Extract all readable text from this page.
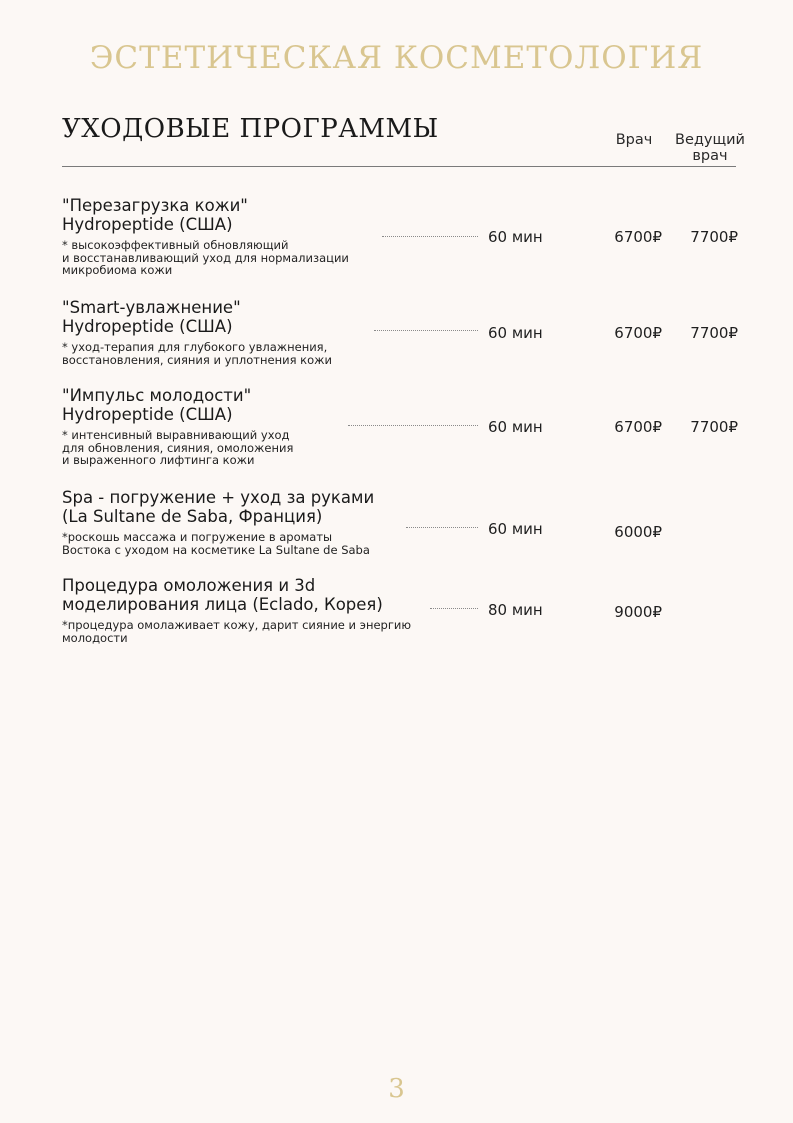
ЭСТЕТИЧЕСКАЯ КОСМЕТОЛОГИЯ
УХОДОВЫЕ ПРОГРАММЫ	Врач	Ведущий
врач
"Перезагрузка кожи"
Hydropeptide (США)
* высокоэффективный обновляющий
и восстанавливающий уход для нормализации
микробиома кожи
60 мин	6700₽	7700₽
"Smart-увлажнение"
Hydropeptide (США)
* уход-терапия для глубокого увлажнения,
восстановления, сияния и уплотнения кожи
60 мин	6700₽	7700₽
"Импульс молодости"
Hydropeptide (США)
* интенсивный выравнивающий уход
для обновления, сияния, омоложения
и выраженного лифтинга кожи
60 мин	6700₽	7700₽
Spa - погружение + уход за руками
(La Sultane de Saba, Франция)
*роскошь массажа и погружение в ароматы
Востока с уходом на косметике La Sultane de Saba
60 мин	6000₽
Процедура омоложения и 3d
моделирования лица (Eclado, Корея)
*процедура омолаживает кожу, дарит сияние и энергию
молодости
80 мин	9000₽
3
